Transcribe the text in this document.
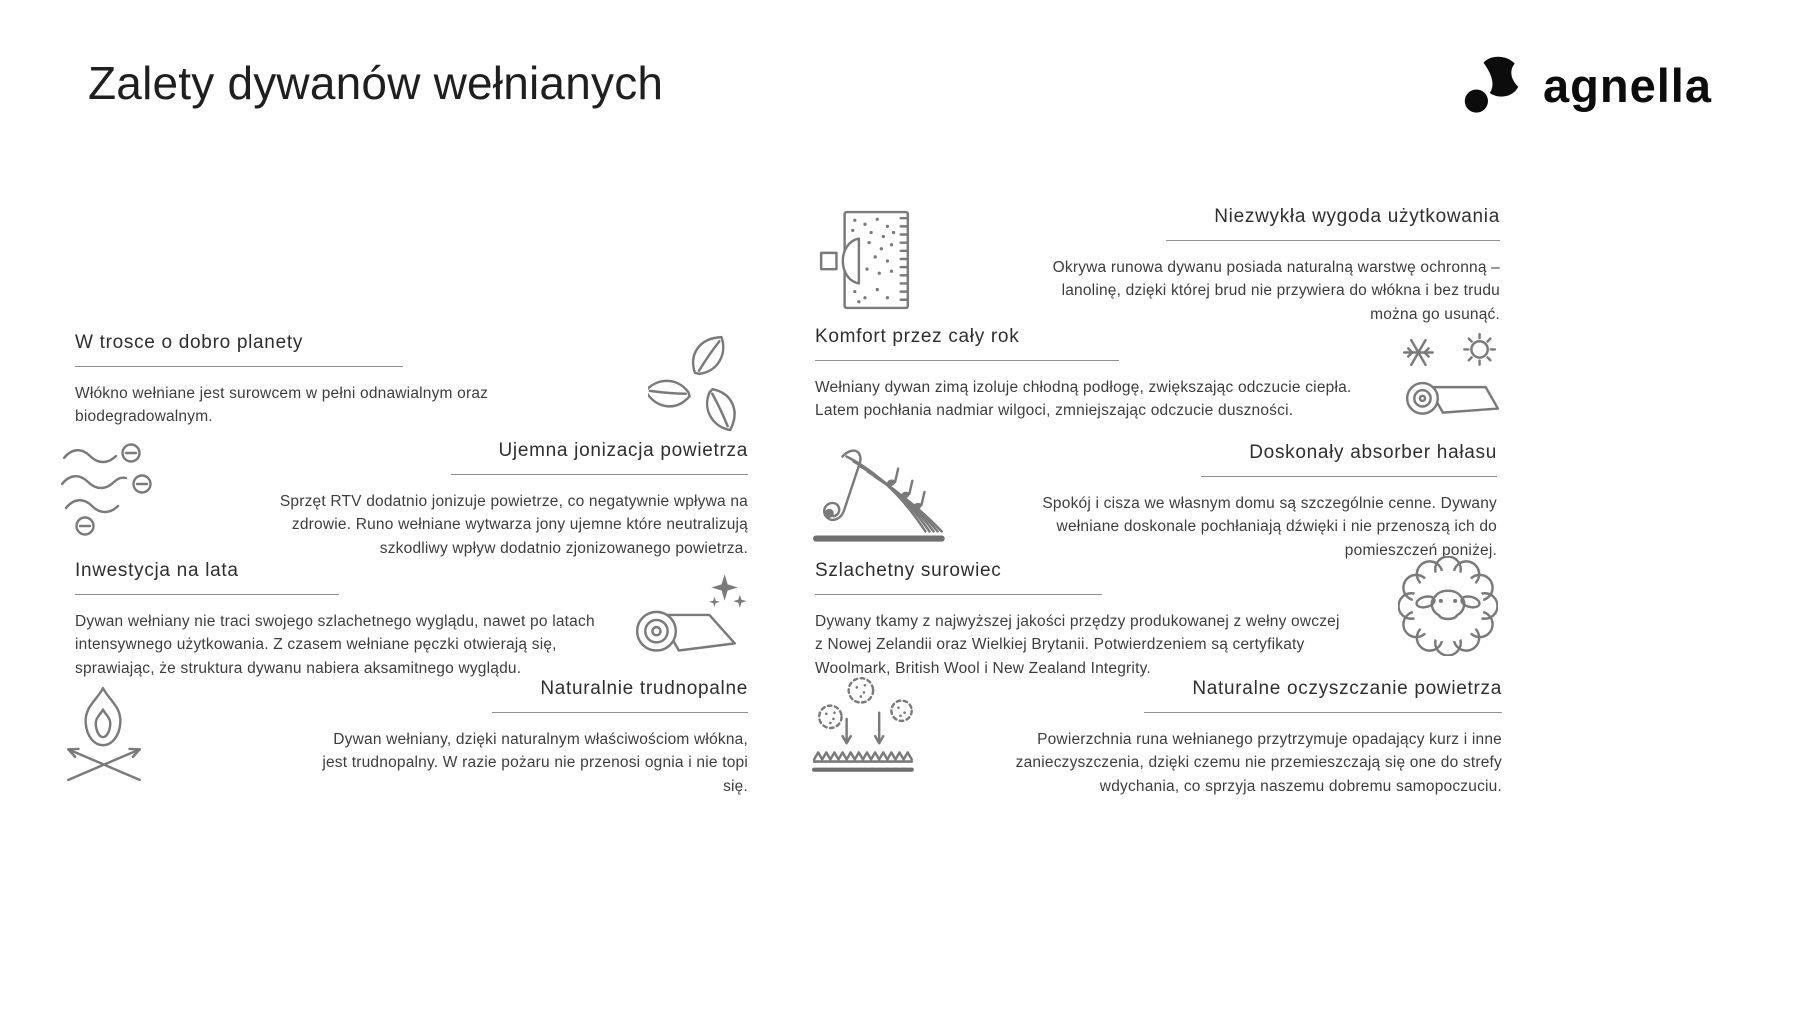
Zalety dywanów wełnianych	agnella
W trosce o dobro planety

Włókno wełniane jest surowcem w pełni odnawialnym oraz biodegradowalnym.

Ujemna jonizacja powietrza

Sprzęt RTV dodatnio jonizuje powietrze, co negatywnie wpływa na zdrowie. Runo wełniane wytwarza jony ujemne które neutralizują szkodliwy wpływ dodatnio zjonizowanego powietrza.

Inwestycja na lata

Dywan wełniany nie traci swojego szlachetnego wyglądu, nawet po latach intensywnego użytkowania. Z czasem wełniane pęczki otwierają się, sprawiając, że struktura dywanu nabiera aksamitnego wyglądu.

Naturalnie trudnopalne

Dywan wełniany, dzięki naturalnym właściwościom włókna, jest trudnopalny. W razie pożaru nie przenosi ognia i nie topi się.

Niezwykła wygoda użytkowania

Okrywa runowa dywanu posiada naturalną warstwę ochronną – lanolinę, dzięki której brud nie przywiera do włókna i bez trudu można go usunąć.

Komfort przez cały rok

Wełniany dywan zimą izoluje chłodną podłogę, zwiększając odczucie ciepła. Latem pochłania nadmiar wilgoci, zmniejszając odczucie duszności.

Doskonały absorber hałasu

Spokój i cisza we własnym domu są szczególnie cenne. Dywany wełniane doskonale pochłaniają dźwięki i nie przenoszą ich do pomieszczeń poniżej.

Szlachetny surowiec

Dywany tkamy z najwyższej jakości przędzy produkowanej z wełny owczej z Nowej Zelandii oraz Wielkiej Brytanii. Potwierdzeniem są certyfikaty Woolmark, British Wool i New Zealand Integrity.

Naturalne oczyszczanie powietrza

Powierzchnia runa wełnianego przytrzymuje opadający kurz i inne zanieczyszczenia, dzięki czemu nie przemieszczają się one do strefy wdychania, co sprzyja naszemu dobremu samopoczuciu.
